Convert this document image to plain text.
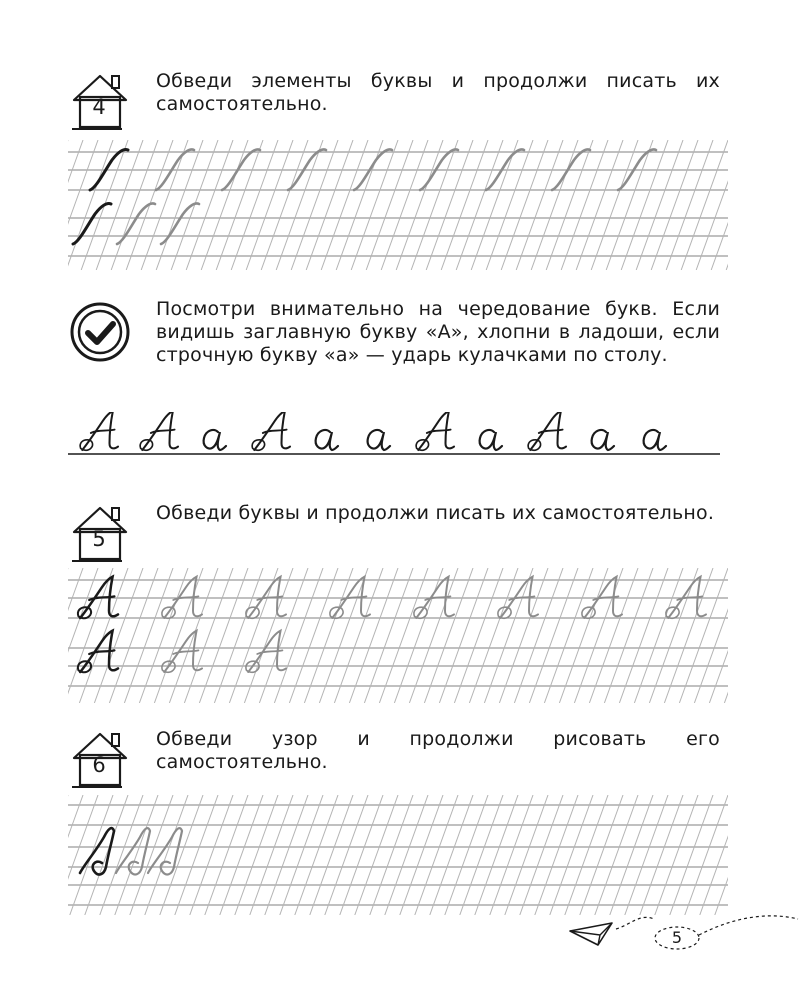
4
Обведи элементы буквы и продолжи писать их самостоятельно.
Посмотри внимательно на чередование букв. Если видишь заглавную букву «А», хлопни в ладоши, если строчную букву «а» — ударь кулачками по столу.
5
Обведи буквы и продолжи писать их самостоятельно.
6
Обведи узор и продолжи рисовать его самостоятельно.
5
